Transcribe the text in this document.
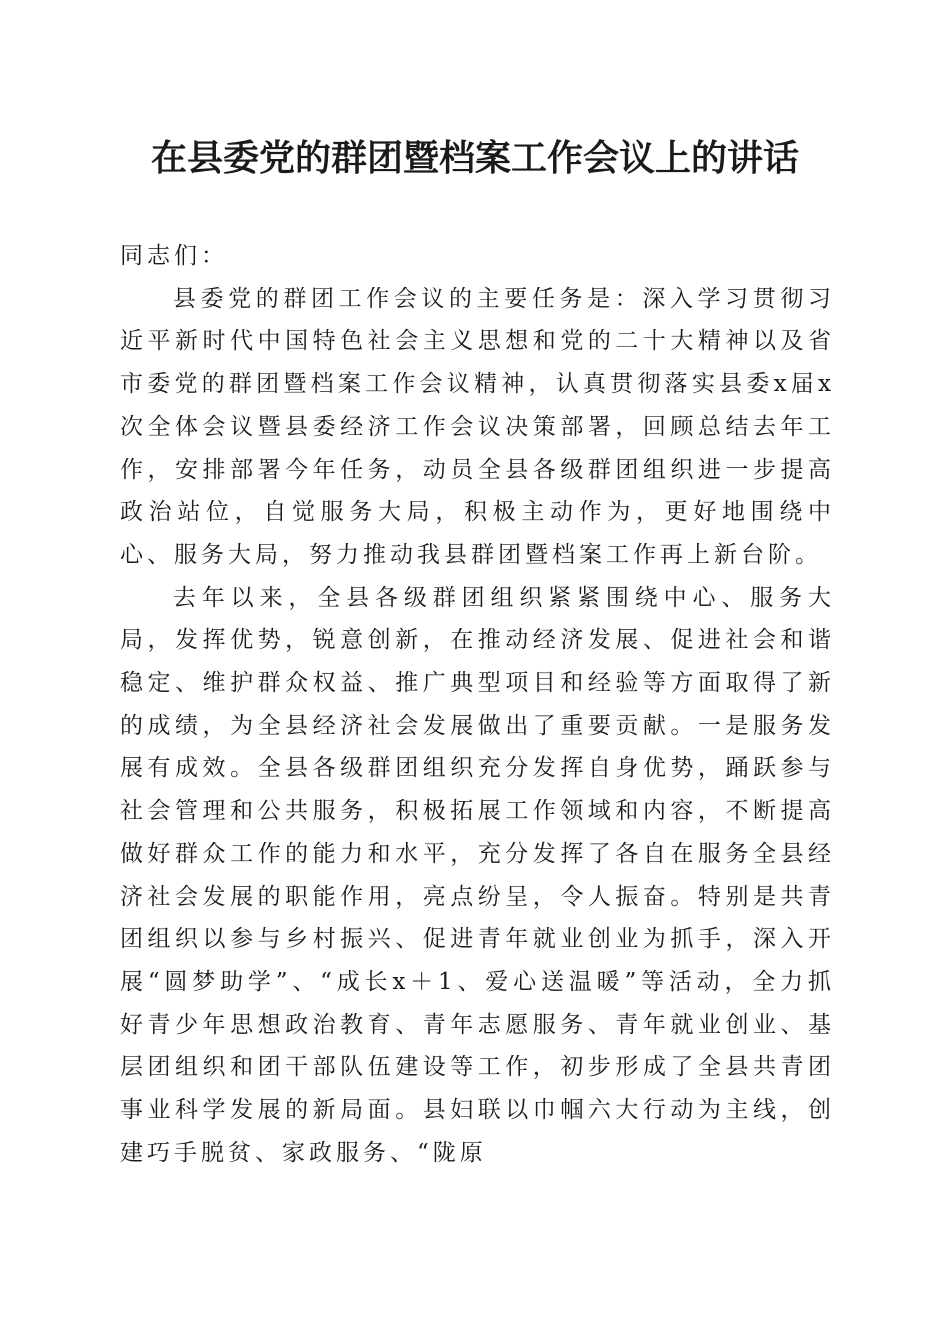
在县委党的群团暨档案工作会议上的讲话

同志们：

县委党的群团工作会议的主要任务是：深入学习贯彻习近平新时代中国特色社会主义思想和党的二十大精神以及省市委党的群团暨档案工作会议精神，认真贯彻落实县委x届x次全体会议暨县委经济工作会议决策部署，回顾总结去年工作，安排部署今年任务，动员全县各级群团组织进一步提高政治站位，自觉服务大局，积极主动作为，更好地围绕中心、服务大局，努力推动我县群团暨档案工作再上新台阶。

去年以来，全县各级群团组织紧紧围绕中心、服务大局，发挥优势，锐意创新，在推动经济发展、促进社会和谐稳定、维护群众权益、推广典型项目和经验等方面取得了新的成绩，为全县经济社会发展做出了重要贡献。一是服务发展有成效。全县各级群团组织充分发挥自身优势，踊跃参与社会管理和公共服务，积极拓展工作领域和内容，不断提高做好群众工作的能力和水平，充分发挥了各自在服务全县经济社会发展的职能作用，亮点纷呈，令人振奋。特别是共青团组织以参与乡村振兴、促进青年就业创业为抓手，深入开展“圆梦助学”、“成长x＋1、爱心送温暖”等活动，全力抓好青少年思想政治教育、青年志愿服务、青年就业创业、基层团组织和团干部队伍建设等工作，初步形成了全县共青团事业科学发展的新局面。县妇联以巾帼六大行动为主线，创建巧手脱贫、家政服务、“陇原
